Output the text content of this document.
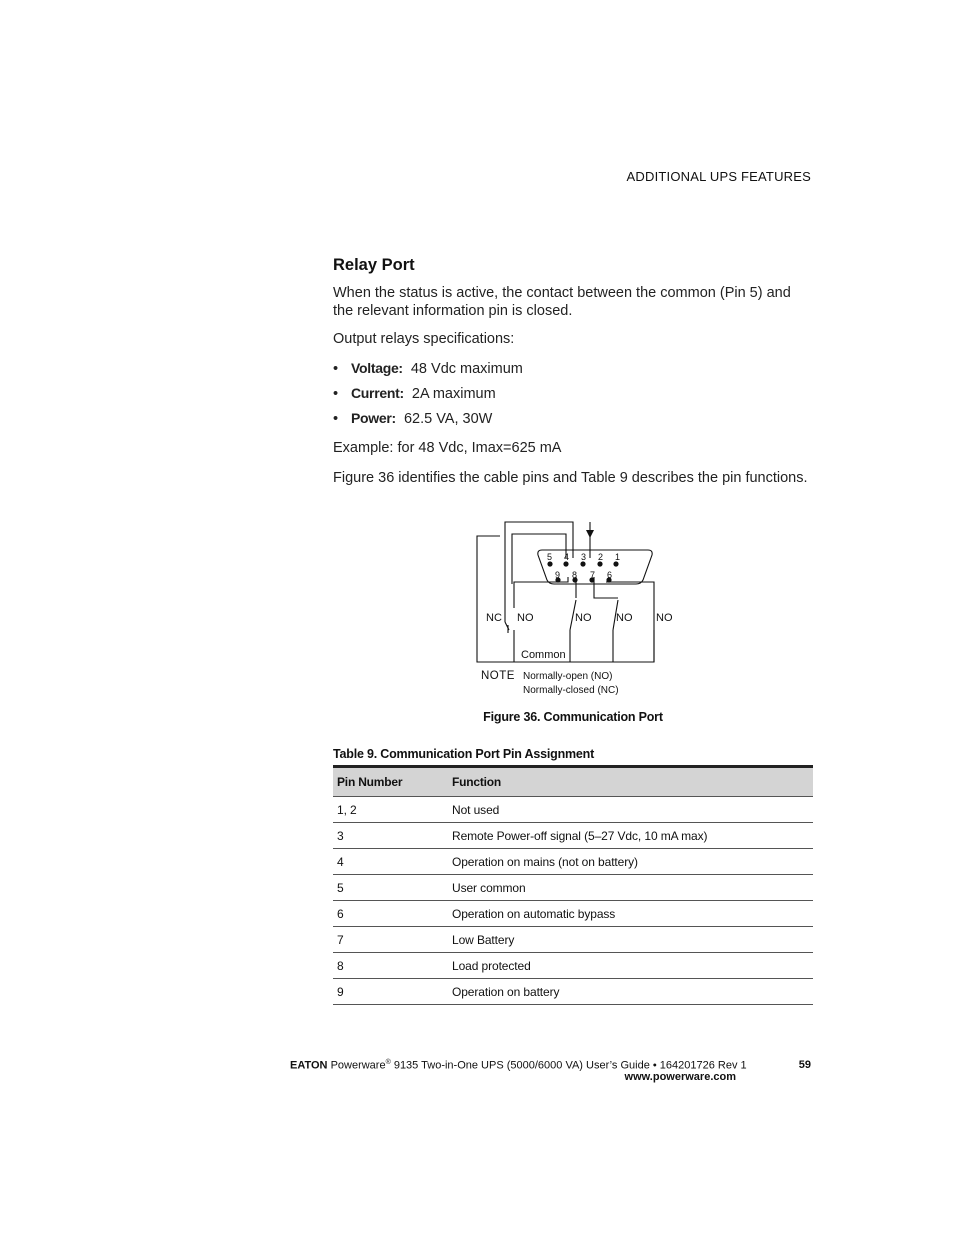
ADDITIONAL UPS FEATURES
Relay Port

When the status is active, the contact between the common (Pin 5) and the relevant information pin is closed.

Output relays specifications:

• Voltage: 48 Vdc maximum
• Current: 2A maximum
• Power: 62.5 VA, 30W

Example: for 48 Vdc, Imax=625 mA

Figure 36 identifies the cable pins and Table 9 describes the pin functions.

5 4 3 2 1
9 8 7 6
NC NO	NO NO NO
Common
NOTE Normally-open (NO)
Normally-closed (NC)
Figure 36. Communication Port
Table 9. Communication Port Pin Assignment
Pin Number	Function
1, 2	Not used
3	Remote Power-off signal (5–27 Vdc, 10 mA max)
4	Operation on mains (not on battery)
5	User common
6	Operation on automatic bypass
7	Low Battery
8	Load protected
9	Operation on battery
EATON Powerware® 9135 Two-in-One UPS (5000/6000 VA) User’s Guide • 164201726 Rev 1	59
www.powerware.com
